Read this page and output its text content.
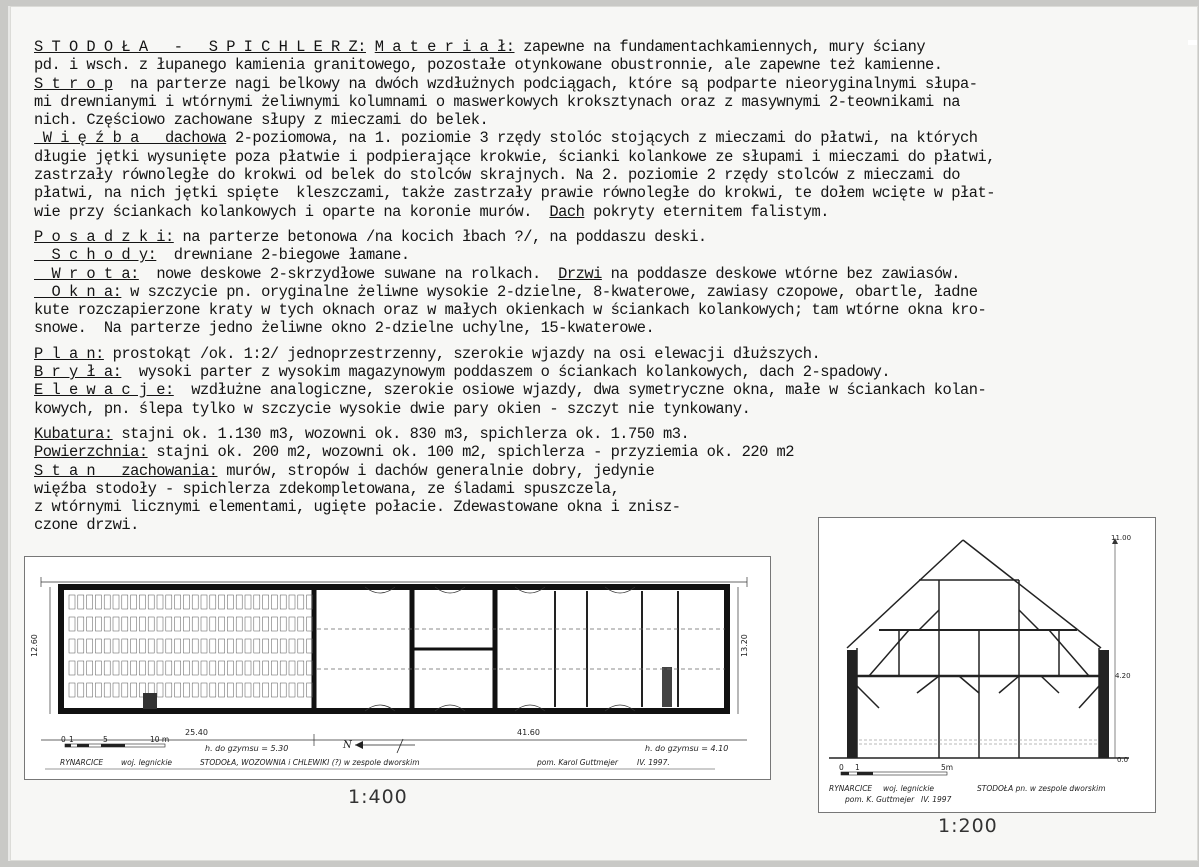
S T O D O Ł A   -   S P I C H L E R Z: M a t e r i a ł: zapewne na fundamentachkamiennych, mury ściany
pd. i wsch. z łupanego kamienia granitowego, pozostałe otynkowane obustronnie, ale zapewne też kamienne.
S t r o p  na parterze nagi belkowy na dwóch wzdłużnych podciągach, które są podparte nieoryginalnymi słupa-
mi drewnianymi i wtórnymi żeliwnymi kolumnami o maswerkowych kroksztynach oraz z masywnymi 2-teownikami na
nich. Częściowo zachowane słupy z mieczami do belek.
W i ę ź b a   dachowa 2-poziomowa, na 1. poziomie 3 rzędy stolóc stojących z mieczami do płatwi, na których
długie jętki wysunięte poza płatwie i podpierające krokwie, ścianki kolankowe ze słupami i mieczami do płatwi,
zastrzały równoległe do krokwi od belek do stolców skrajnych. Na 2. poziomie 2 rzędy stolców z mieczami do
płatwi, na nich jętki spięte  kleszczami, także zastrzały prawie równoległe do krokwi, te dołem wcięte w płat-
wie przy ściankach kolankowych i oparte na koronie murów.  Dach pokryty eternitem falistym.
P o s a d z k i: na parterze betonowa /na kocich łbach ?/, na poddaszu deski.
S c h o d y:  drewniane 2-biegowe łamane.
W r o t a:  nowe deskowe 2-skrzydłowe suwane na rolkach.  Drzwi na poddasze deskowe wtórne bez zawiasów.
O k n a: w szczycie pn. oryginalne żeliwne wysokie 2-dzielne, 8-kwaterowe, zawiasy czopowe, obartle, ładne
kute rozczapierzone kraty w tych oknach oraz w małych okienkach w ściankach kolankowych; tam wtórne okna kro-
snowe.  Na parterze jedno żeliwne okno 2-dzielne uchylne, 15-kwaterowe.
P l a n: prostokąt /ok. 1:2/ jednoprzestrzenny, szerokie wjazdy na osi elewacji dłuższych.
B r y ł a:  wysoki parter z wysokim magazynowym poddaszem o ściankach kolankowych, dach 2-spadowy.
E l e w a c j e:  wzdłużne analogiczne, szerokie osiowe wjazdy, dwa symetryczne okna, małe w ściankach kolan-
kowych, pn. ślepa tylko w szczycie wysokie dwie pary okien - szczyt nie tynkowany.
Kubatura: stajni ok. 1.130 m3, wozowni ok. 830 m3, spichlerza ok. 1.750 m3.
Powierzchnia: stajni ok. 200 m2, wozowni ok. 100 m2, spichlerza - przyziemia ok. 220 m2
S t a n   zachowania: murów, stropów i dachów generalnie dobry, jedynie
więźba stodoły - spichlerza zdekompletowana, ze śladami spuszczela,
z wtórnymi licznymi elementami, ugięte połacie. Zdewastowane okna i znisz-
czone drzwi.
25.40	41.60
12.60	13.20
h. do gzymsu = 5.30	h. do gzymsu = 4.10
N
0 1	5	10 m
RYNARCICE woj. legnickie	STODOŁA, WOZOWNIA i CHLEWIKI (?) w zespole dworskim	pom. Karol Guttmejer	IV. 1997.
1:400
11.00
4.20
0.0
0 1	5m
RYNARCICE woj. legnickie	STODOŁA pn. w zespole dworskim
pom. K. Guttmejer IV. 1997
1:200
